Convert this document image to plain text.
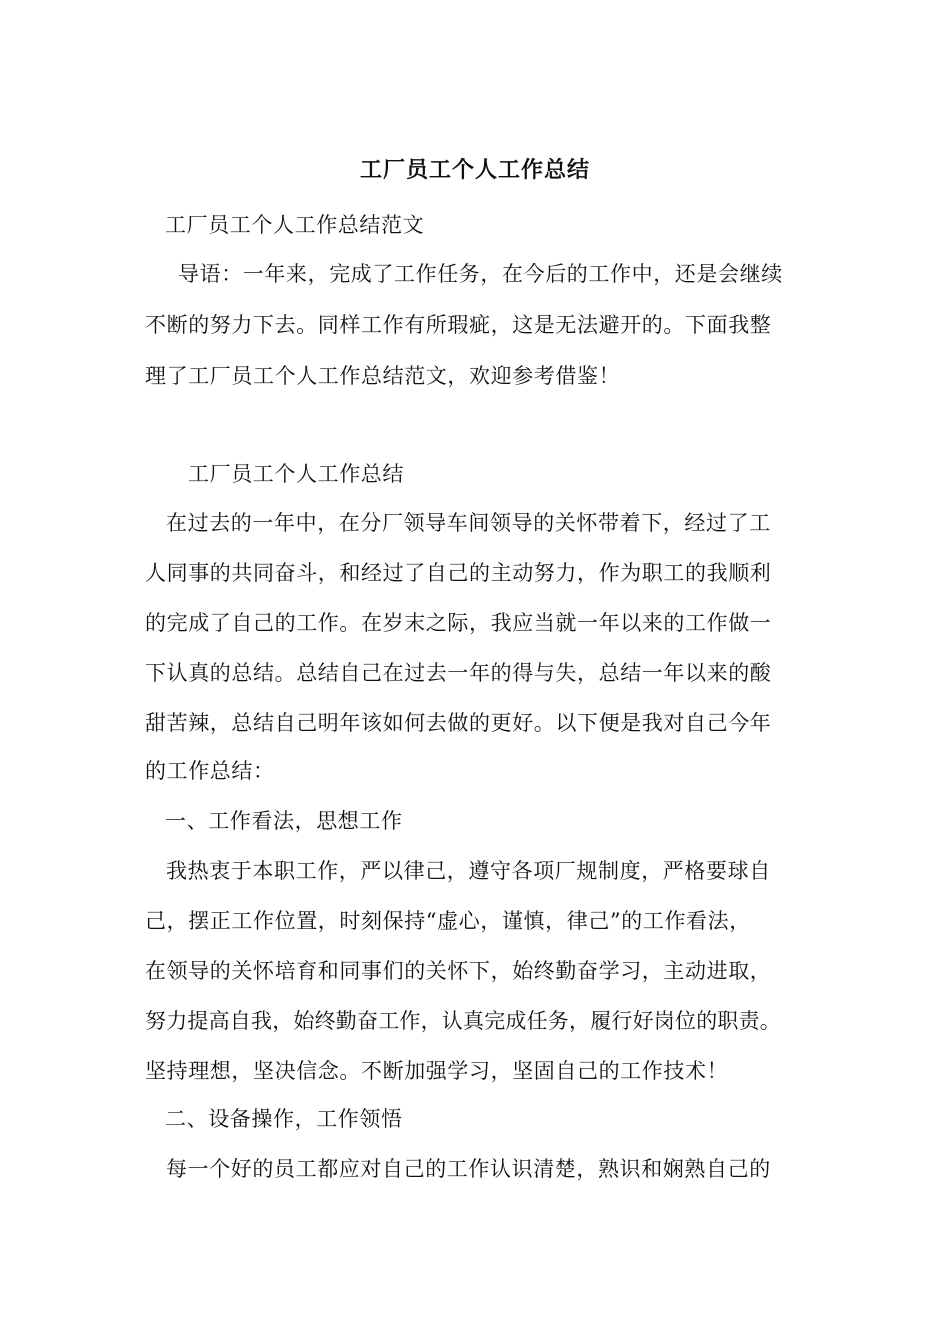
工厂员工个人工作总结
工厂员工个人工作总结范文
导语：一年来，完成了工作任务，在今后的工作中，还是会继续
不断的努力下去。同样工作有所瑕疵，这是无法避开的。下面我整
理了工厂员工个人工作总结范文，欢迎参考借鉴！
工厂员工个人工作总结
在过去的一年中，在分厂领导车间领导的关怀带着下，经过了工
人同事的共同奋斗，和经过了自己的主动努力，作为职工的我顺利
的完成了自己的工作。在岁末之际，我应当就一年以来的工作做一
下认真的总结。总结自己在过去一年的得与失，总结一年以来的酸
甜苦辣，总结自己明年该如何去做的更好。以下便是我对自己今年
的工作总结：
一、工作看法，思想工作
我热衷于本职工作，严以律己，遵守各项厂规制度，严格要球自
己，摆正工作位置，时刻保持“虚心，谨慎，律己”的工作看法，
在领导的关怀培育和同事们的关怀下，始终勤奋学习，主动进取，
努力提高自我，始终勤奋工作，认真完成任务，履行好岗位的职责。
坚持理想，坚决信念。不断加强学习，坚固自己的工作技术！
二、设备操作，工作领悟
每一个好的员工都应对自己的工作认识清楚，熟识和娴熟自己的
